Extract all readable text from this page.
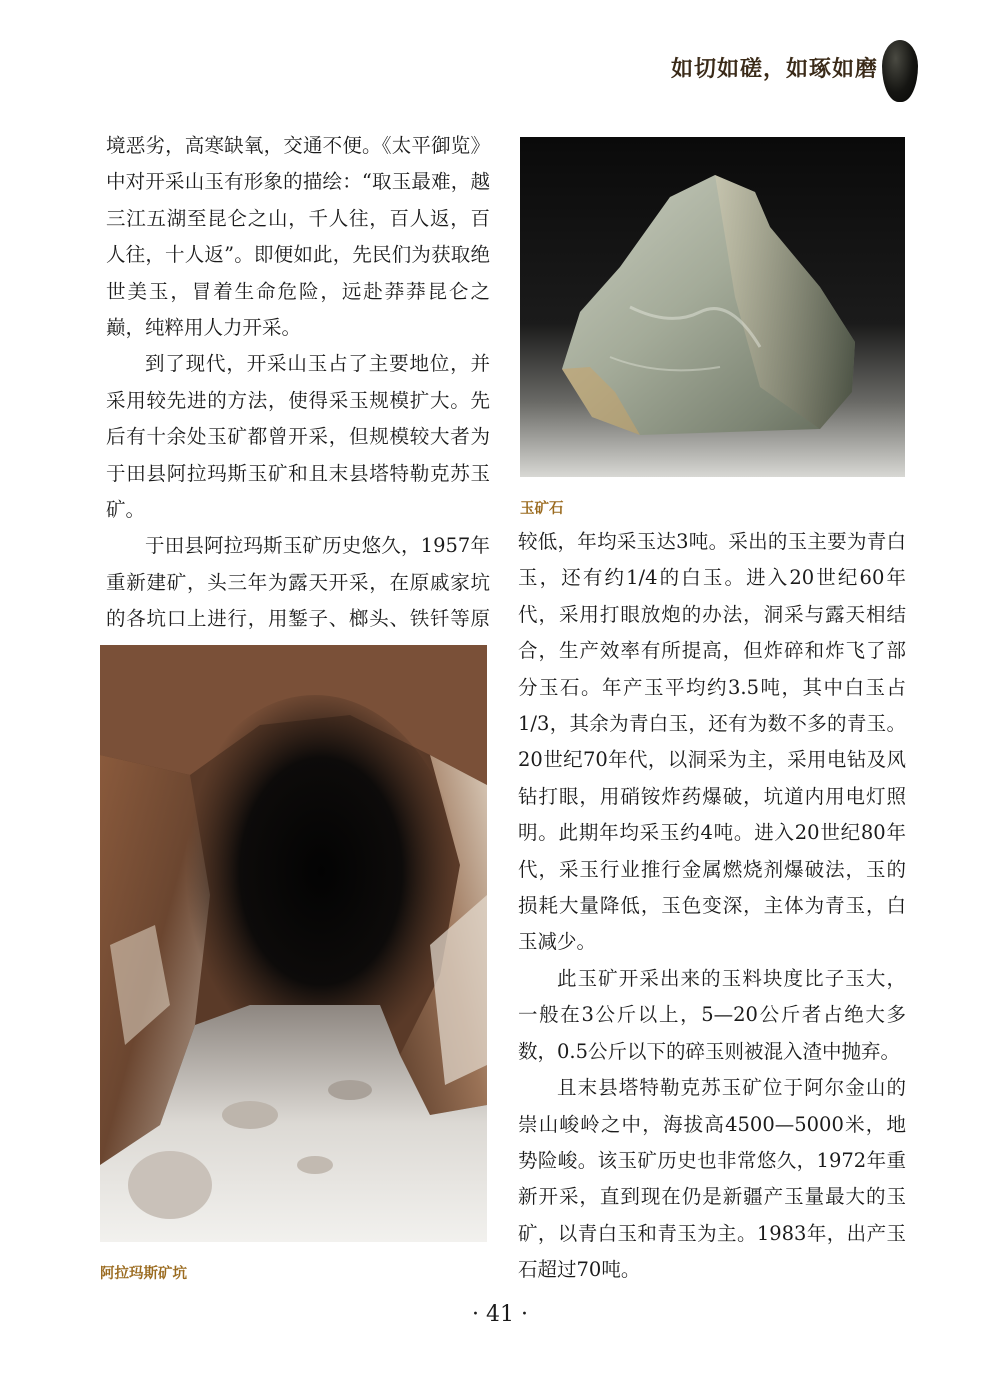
如切如磋，如琢如磨

境恶劣，高寒缺氧，交通不便。《太平御览》中对开采山玉有形象的描绘：“取玉最难，越三江五湖至昆仑之山，千人往，百人返，百人往，十人返”。即便如此，先民们为获取绝世美玉，冒着生命危险，远赴莽莽昆仑之巅，纯粹用人力开采。

到了现代，开采山玉占了主要地位，并采用较先进的方法，使得采玉规模扩大。先后有十余处玉矿都曾开采，但规模较大者为于田县阿拉玛斯玉矿和且末县塔特勒克苏玉矿。

于田县阿拉玛斯玉矿历史悠久，1957年重新建矿，头三年为露天开采，在原戚家坑的各坑口上进行，用錾子、榔头、铁钎等原

玉矿石

较低，年均采玉达3吨。采出的玉主要为青白玉，还有约1/4的白玉。进入20世纪60年代，采用打眼放炮的办法，洞采与露天相结合，生产效率有所提高，但炸碎和炸飞了部分玉石。年产玉平均约3.5吨，其中白玉占1/3，其余为青白玉，还有为数不多的青玉。20世纪70年代，以洞采为主，采用电钻及风钻打眼，用硝铵炸药爆破，坑道内用电灯照明。此期年均采玉约4吨。进入20世纪80年代，采玉行业推行金属燃烧剂爆破法，玉的损耗大量降低，玉色变深，主体为青玉，白玉减少。

此玉矿开采出来的玉料块度比子玉大，一般在3公斤以上，5—20公斤者占绝大多数，0.5公斤以下的碎玉则被混入渣中抛弃。

且末县塔特勒克苏玉矿位于阿尔金山的崇山峻岭之中，海拔高4500—5000米，地势险峻。该玉矿历史也非常悠久，1972年重新开采，直到现在仍是新疆产玉量最大的玉矿，以青白玉和青玉为主。1983年，出产玉石超过70吨。

阿拉玛斯矿坑
· 41 ·
